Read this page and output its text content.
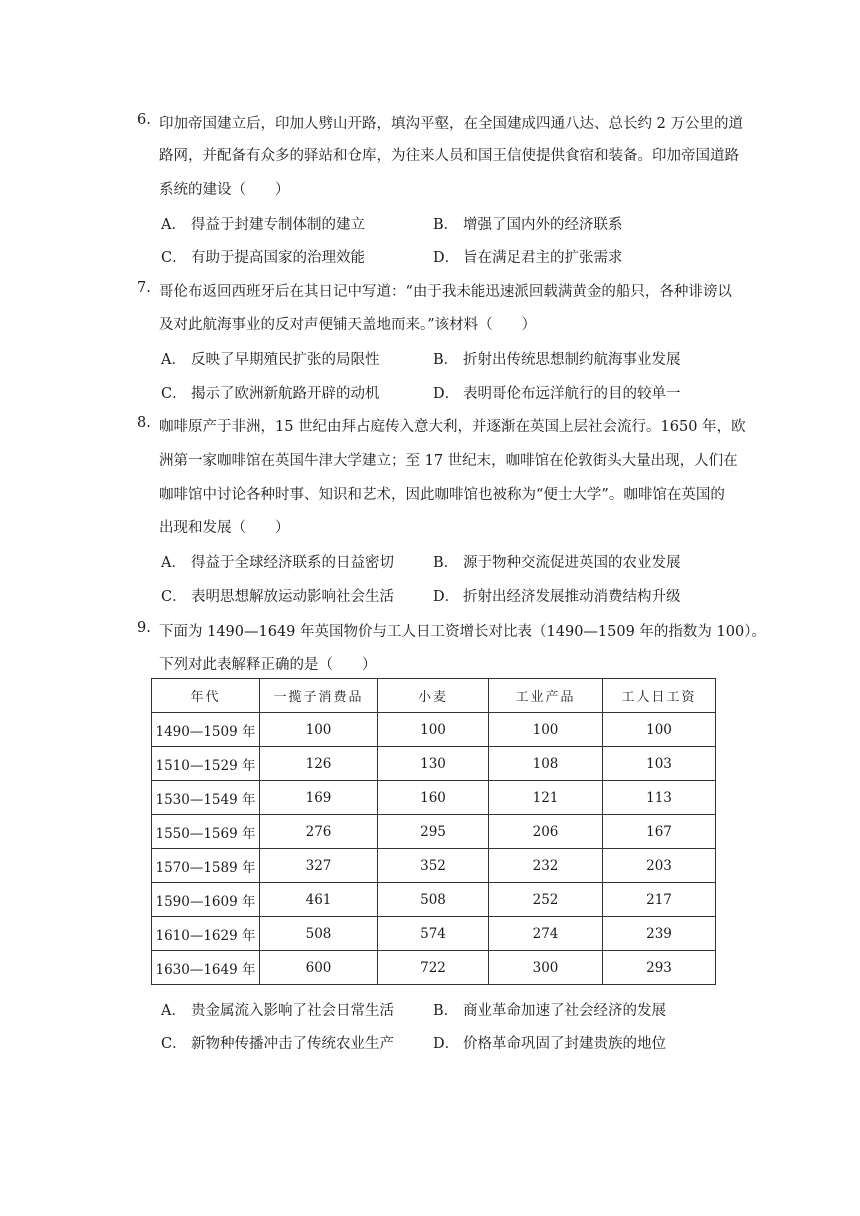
6. 印加帝国建立后，印加人劈山开路，填沟平壑，在全国建成四通八达、总长约 2 万公里的道
路网，并配备有众多的驿站和仓库，为往来人员和国王信使提供食宿和装备。印加帝国道路
系统的建设（　　）
A． 得益于封建专制体制的建立	B． 增强了国内外的经济联系
C． 有助于提高国家的治理效能	D． 旨在满足君主的扩张需求
7. 哥伦布返回西班牙后在其日记中写道：“由于我未能迅速派回载满黄金的船只，各种诽谤以
及对此航海事业的反对声便铺天盖地而来。”该材料（　　）
A． 反映了早期殖民扩张的局限性	B． 折射出传统思想制约航海事业发展
C． 揭示了欧洲新航路开辟的动机	D． 表明哥伦布远洋航行的目的较单一
8. 咖啡原产于非洲，15 世纪由拜占庭传入意大利，并逐渐在英国上层社会流行。1650 年，欧
洲第一家咖啡馆在英国牛津大学建立；至 17 世纪末，咖啡馆在伦敦街头大量出现，人们在
咖啡馆中讨论各种时事、知识和艺术，因此咖啡馆也被称为“便士大学”。咖啡馆在英国的
出现和发展（　　）
A． 得益于全球经济联系的日益密切	B． 源于物种交流促进英国的农业发展
C． 表明思想解放运动影响社会生活	D． 折射出经济发展推动消费结构升级
9. 下面为 1490—1649 年英国物价与工人日工资增长对比表（1490—1509 年的指数为 100）。
下列对此表解释正确的是（　　）
年代	一揽子消费品	小麦	工业产品	工人日工资
1490—1509 年	100	100	100	100
1510—1529 年	126	130	108	103
1530—1549 年	169	160	121	113
1550—1569 年	276	295	206	167
1570—1589 年	327	352	232	203
1590—1609 年	461	508	252	217
1610—1629 年	508	574	274	239
1630—1649 年	600	722	300	293
A． 贵金属流入影响了社会日常生活	B． 商业革命加速了社会经济的发展
C． 新物种传播冲击了传统农业生产	D． 价格革命巩固了封建贵族的地位
